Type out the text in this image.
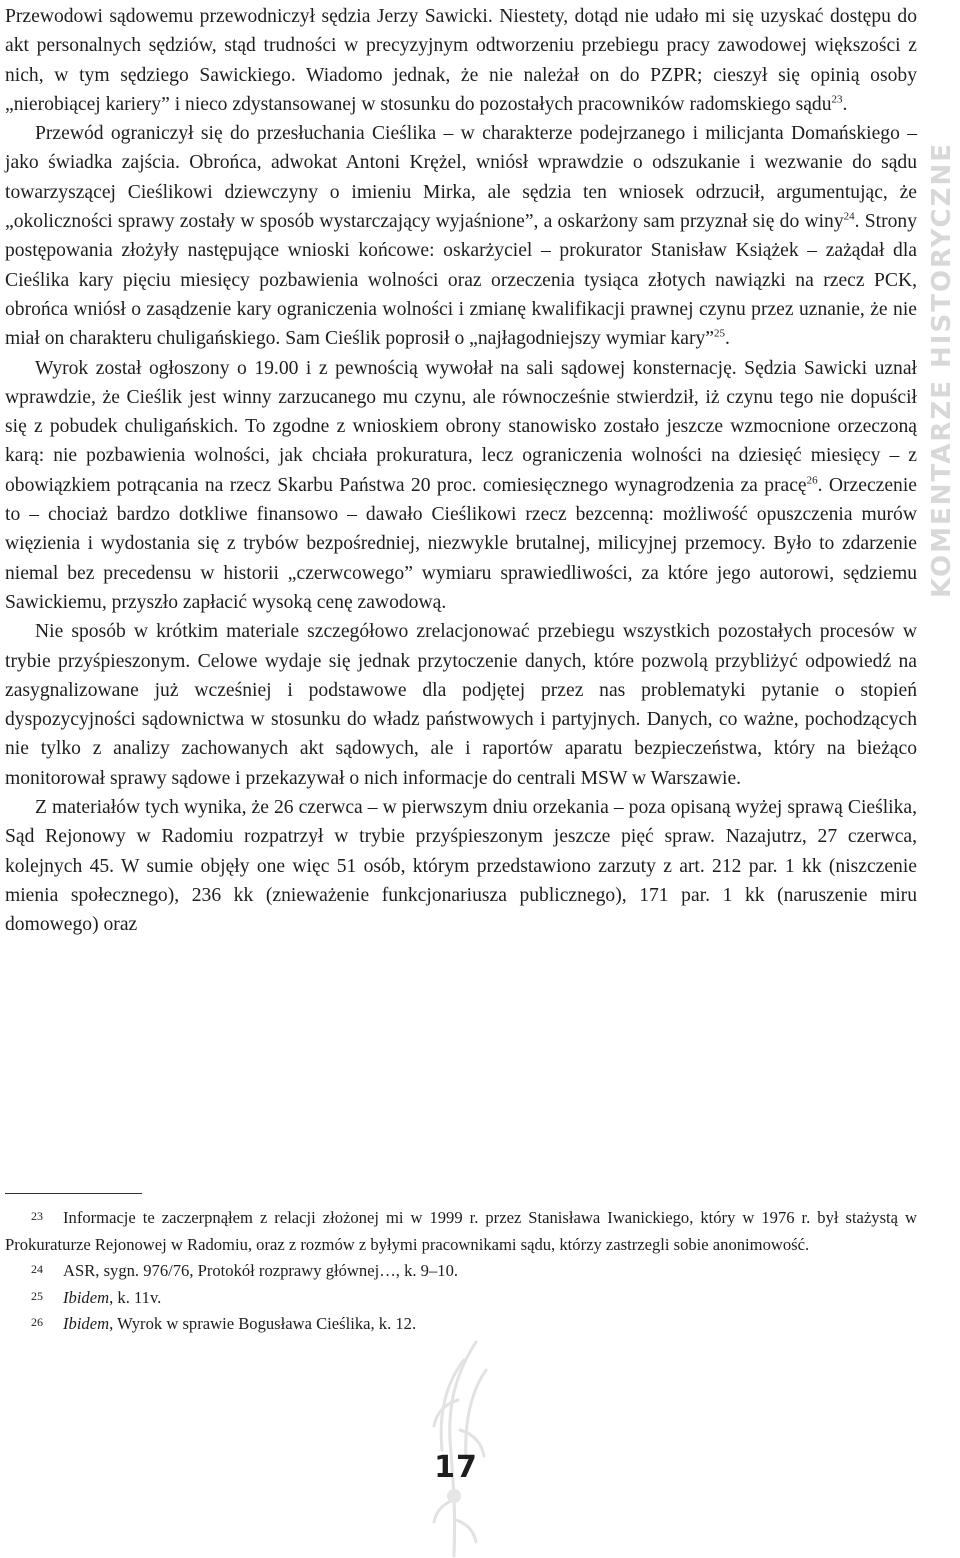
Przewodowi sądowemu przewodniczył sędzia Jerzy Sawicki. Niestety, dotąd nie udało mi się uzyskać dostępu do akt personalnych sędziów, stąd trudności w precyzyjnym odtworzeniu przebiegu pracy zawodowej większości z nich, w tym sędziego Sawickiego. Wiadomo jednak, że nie należał on do PZPR; cieszył się opinią osoby „nierobiącej kariery” i nieco zdystansowanej w stosunku do pozostałych pracowników radomskiego sądu$^{23}$.

Przewód ograniczył się do przesłuchania Cieślika – w charakterze podejrzanego i milicjanta Domańskiego – jako świadka zajścia. Obrońca, adwokat Antoni Krężel, wniósł wprawdzie o odszukanie i wezwanie do sądu towarzyszącej Cieślikowi dziewczyny o imieniu Mirka, ale sędzia ten wniosek odrzucił, argumentując, że „okoliczności sprawy zostały w sposób wystarczający wyjaśnione”, a oskarżony sam przyznał się do winy$^{24}$. Strony postępowania złożyły następujące wnioski końcowe: oskarżyciel – prokurator Stanisław Książek – zażądał dla Cieślika kary pięciu miesięcy pozbawienia wolności oraz orzeczenia tysiąca złotych nawiązki na rzecz PCK, obrońca wniósł o zasądzenie kary ograniczenia wolności i zmianę kwalifikacji prawnej czynu przez uznanie, że nie miał on charakteru chuligańskiego. Sam Cieślik poprosił o „najłagodniejszy wymiar kary”$^{25}$.

Wyrok został ogłoszony o 19.00 i z pewnością wywołał na sali sądowej konsternację. Sędzia Sawicki uznał wprawdzie, że Cieślik jest winny zarzucanego mu czynu, ale równocześnie stwierdził, iż czynu tego nie dopuścił się z pobudek chuligańskich. To zgodne z wnioskiem obrony stanowisko zostało jeszcze wzmocnione orzeczoną karą: nie pozbawienia wolności, jak chciała prokuratura, lecz ograniczenia wolności na dziesięć miesięcy – z obowiązkiem potrącania na rzecz Skarbu Państwa 20 proc. comiesięcznego wynagrodzenia za pracę$^{26}$. Orzeczenie to – chociaż bardzo dotkliwe finansowo – dawało Cieślikowi rzecz bezcenną: możliwość opuszczenia murów więzienia i wydostania się z trybów bezpośredniej, niezwykle brutalnej, milicyjnej przemocy. Było to zdarzenie niemal bez precedensu w historii „czerwcowego” wymiaru sprawiedliwości, za które jego autorowi, sędziemu Sawickiemu, przyszło zapłacić wysoką cenę zawodową.

Nie sposób w krótkim materiale szczegółowo zrelacjonować przebiegu wszystkich pozostałych procesów w trybie przyśpieszonym. Celowe wydaje się jednak przytoczenie danych, które pozwolą przybliżyć odpowiedź na zasygnalizowane już wcześniej i podstawowe dla podjętej przez nas problematyki pytanie o stopień dyspozycyjności sądownictwa w stosunku do władz państwowych i partyjnych. Danych, co ważne, pochodzących nie tylko z analizy zachowanych akt sądowych, ale i raportów aparatu bezpieczeństwa, który na bieżąco monitorował sprawy sądowe i przekazywał o nich informacje do centrali MSW w Warszawie.

Z materiałów tych wynika, że 26 czerwca – w pierwszym dniu orzekania – poza opisaną wyżej sprawą Cieślika, Sąd Rejonowy w Radomiu rozpatrzył w trybie przyśpieszonym jeszcze pięć spraw. Nazajutrz, 27 czerwca, kolejnych 45. W sumie objęły one więc 51 osób, którym przedstawiono zarzuty z art. 212 par. 1 kk (niszczenie mienia społecznego), 236 kk (znieważenie funkcjonariusza publicznego), 171 par. 1 kk (naruszenie miru domowego) oraz

KOMENTARZE HISTORYCZNE

23 Informacje te zaczerpnąłem z relacji złożonej mi w 1999 r. przez Stanisława Iwanickiego, który w 1976 r. był stażystą w Prokuraturze Rejonowej w Radomiu, oraz z rozmów z byłymi pracownikami sądu, którzy zastrzegli sobie anonimowość.

24 ASR, sygn. 976/76, Protokół rozprawy głównej…, k. 9–10.

25 Ibidem, k. 11v.

26 Ibidem, Wyrok w sprawie Bogusława Cieślika, k. 12.

17
